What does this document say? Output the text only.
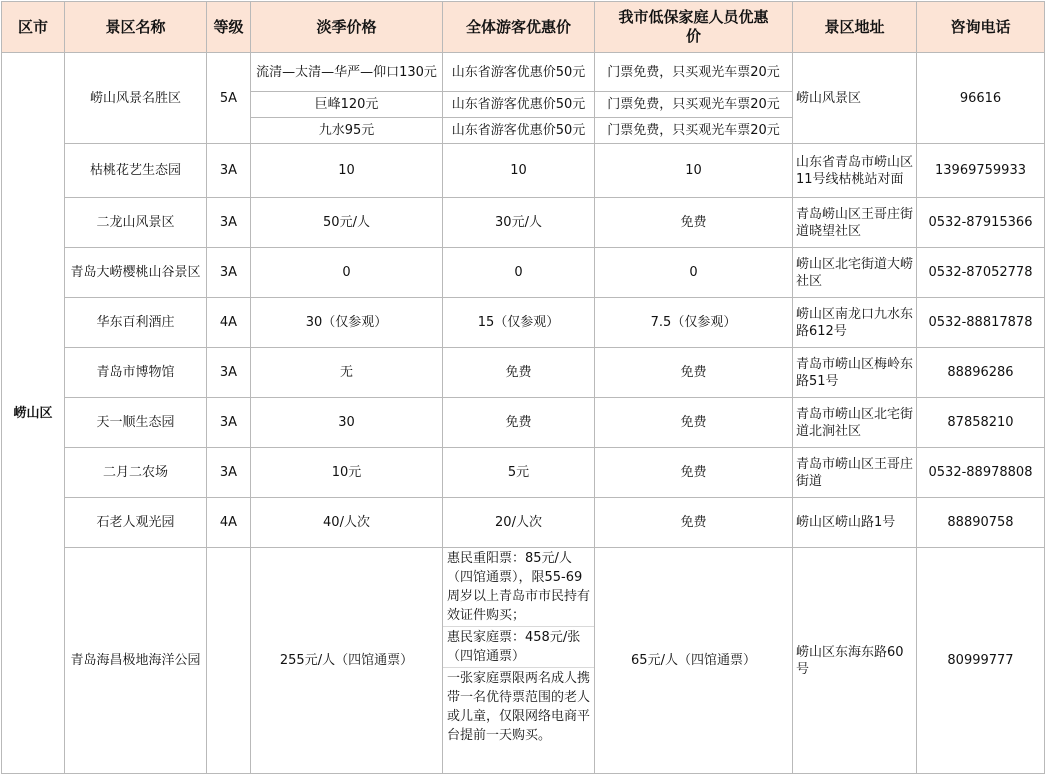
区市	景区名称	等级	淡季价格	全体游客优惠价	我市低保家庭人员优惠价	景区地址	咨询电话
崂山区	崂山风景名胜区	5A	流清—太清—华严—仰口130元	山东省游客优惠价50元	门票免费，只买观光车票20元	崂山风景区	96616
			巨峰120元	山东省游客优惠价50元	门票免费，只买观光车票20元		
			九水95元	山东省游客优惠价50元	门票免费，只买观光车票20元		
	枯桃花艺生态园	3A	10	10	10	山东省青岛市崂山区11号线枯桃站对面	13969759933
	二龙山风景区	3A	50元/人	30元/人	免费	青岛崂山区王哥庄街道晓望社区	0532-87915366
	青岛大崂樱桃山谷景区	3A	0	0	0	崂山区北宅街道大崂社区	0532-87052778
	华东百利酒庄	4A	30（仅参观）	15（仅参观）	7.5（仅参观）	崂山区南龙口九水东路612号	0532-88817878
	青岛市博物馆	3A	无	免费	免费	青岛市崂山区梅岭东路51号	88896286
	天一顺生态园	3A	30	免费	免费	青岛市崂山区北宅街道北涧社区	87858210
	二月二农场	3A	10元	5元	免费	青岛市崂山区王哥庄街道	0532-88978808
	石老人观光园	4A	40/人次	20/人次	免费	崂山区崂山路1号	88890758
	青岛海昌极地海洋公园		255元/人（四馆通票）	惠民重阳票：85元/人（四馆通票），限55-69周岁以上青岛市市民持有效证件购买；
惠民家庭票：458元/张（四馆通票）
一张家庭票限两名成人携带一名优待票范围的老人或儿童，仅限网络电商平台提前一天购买。	65元/人（四馆通票）	崂山区东海东路60号	80999777
